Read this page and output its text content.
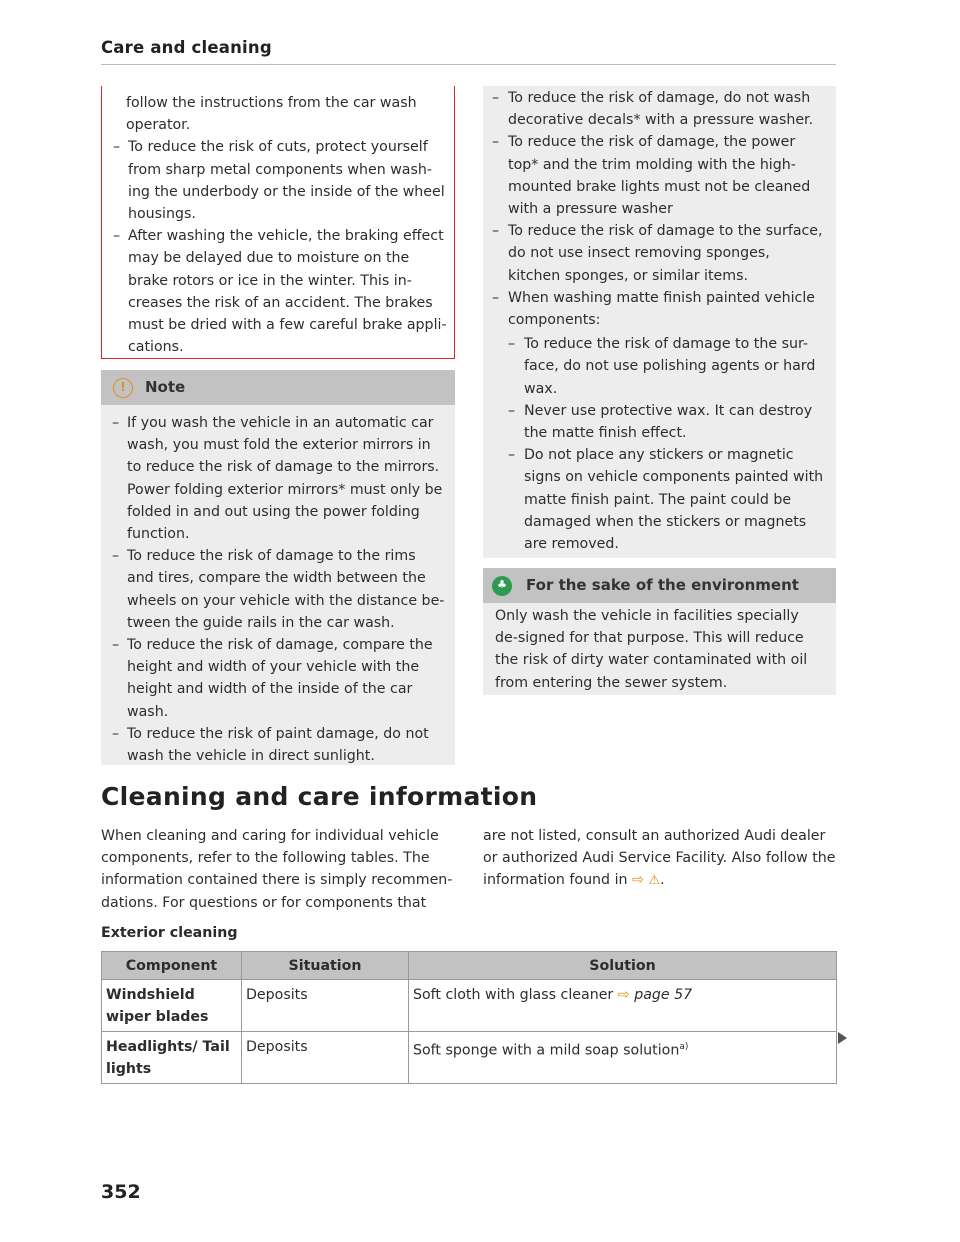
Care and cleaning
follow the instructions from the car wash operator.
– To reduce the risk of cuts, protect yourself from sharp metal components when wash-ing the underbody or the inside of the wheel housings.
– After washing the vehicle, the braking effect may be delayed due to moisture on the brake rotors or ice in the winter. This in-creases the risk of an accident. The brakes must be dried with a few careful brake appli-cations.
!	Note
– If you wash the vehicle in an automatic car wash, you must fold the exterior mirrors in to reduce the risk of damage to the mirrors. Power folding exterior mirrors* must only be folded in and out using the power folding function.
– To reduce the risk of damage to the rims and tires, compare the width between the wheels on your vehicle with the distance be-tween the guide rails in the car wash.
– To reduce the risk of damage, compare the height and width of your vehicle with the height and width of the inside of the car wash.
– To reduce the risk of paint damage, do not wash the vehicle in direct sunlight.
– To reduce the risk of damage, do not wash decorative decals* with a pressure washer.
– To reduce the risk of damage, the power top* and the trim molding with the high-mounted brake lights must not be cleaned with a pressure washer
– To reduce the risk of damage to the surface, do not use insect removing sponges, kitchen sponges, or similar items.
– When washing matte finish painted vehicle components:
– To reduce the risk of damage to the sur-face, do not use polishing agents or hard wax.
– Never use protective wax. It can destroy the matte finish effect.
– Do not place any stickers or magnetic signs on vehicle components painted with matte finish paint. The paint could be damaged when the stickers or magnets are removed.
♣	For the sake of the environment
Only wash the vehicle in facilities specially de-signed for that purpose. This will reduce the risk of dirty water contaminated with oil from entering the sewer system.
Cleaning and care information
When cleaning and caring for individual vehicle components, refer to the following tables. The information contained there is simply recommen-dations. For questions or for components that
are not listed, consult an authorized Audi dealer or authorized Audi Service Facility. Also follow the information found in ⇨ ⚠.
Exterior cleaning
Component	Situation	Solution
Windshield wiper blades	Deposits	Soft cloth with glass cleaner ⇨ page 57
Headlights/ Tail lights	Deposits	Soft sponge with a mild soap solution$^{a)}$
352
